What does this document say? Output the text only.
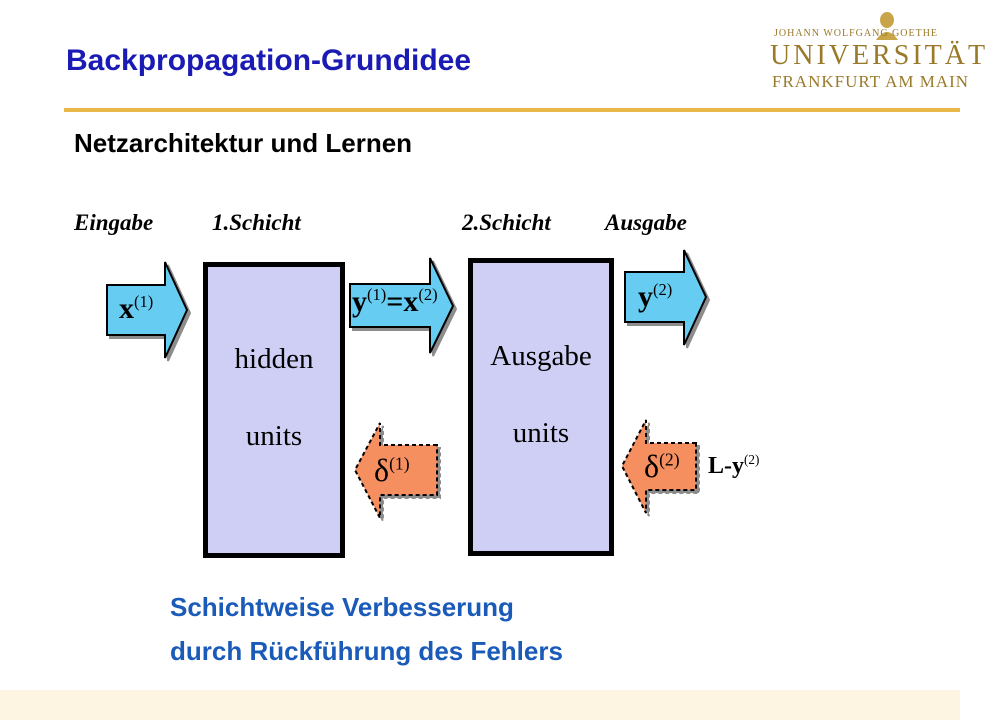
Backpropagation-Grundidee
JOHANN WOLFGANG GOETHE
UNIVERSITÄT
FRANKFURT AM MAIN
Netzarchitektur und Lernen
Eingabe	1.Schicht	2.Schicht Ausgabe
hidden
units
Ausgabe
units
$x^{(1)}$	$y^{(1)}=x^{(2)}$	$y^{(2)}$
$\delta^{(1)}$	$\delta^{(2)}$ $L-y^{(2)}$
Schichtweise Verbesserung
durch Rückführung des Fehlers
